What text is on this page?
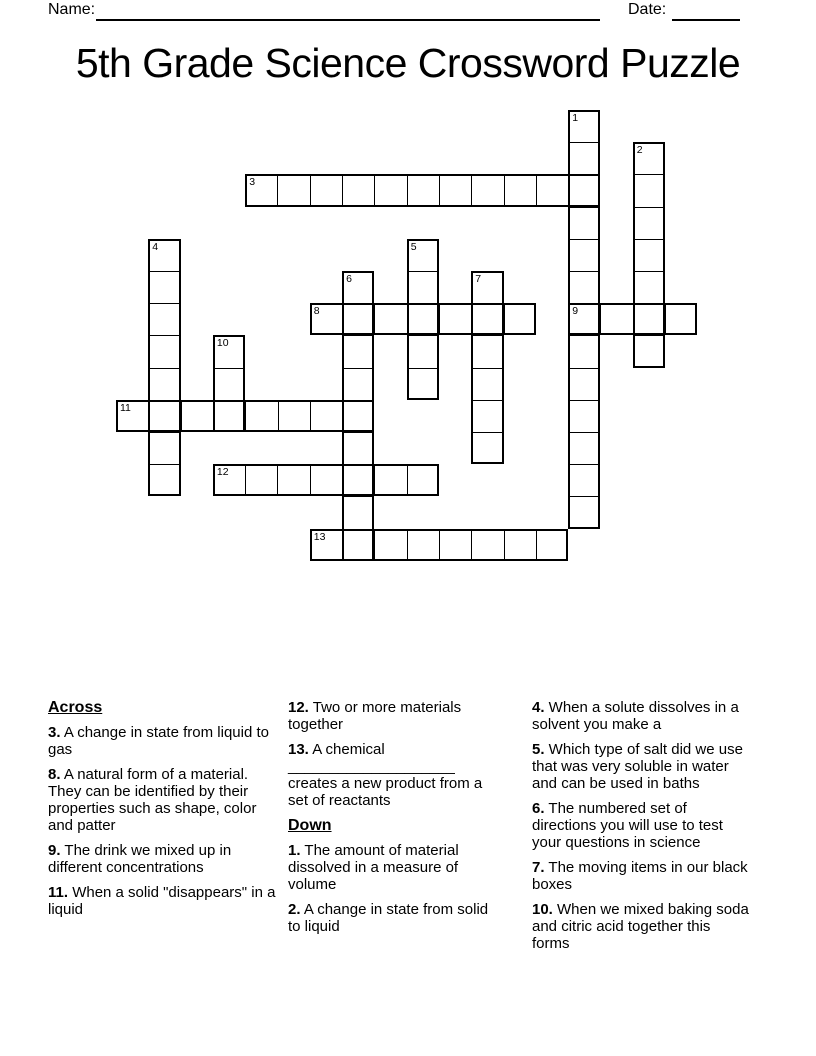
Name:	Date:
5th Grade Science Crossword Puzzle
1
2
3
4	5
6	7
8	9
10
11
12
13
Across

3. A change in state from liquid to gas

8. A natural form of a material. They can be identified by their properties such as shape, color and patter

9. The drink we mixed up in different concentrations

11. When a solid "disappears" in a liquid

12. Two or more materials together

13. A chemical ____________________ creates a new product from a set of reactants

Down

1. The amount of material dissolved in a measure of volume

2. A change in state from solid to liquid

4. When a solute dissolves in a solvent you make a

5. Which type of salt did we use that was very soluble in water and can be used in baths

6. The numbered set of directions you will use to test your questions in science

7. The moving items in our black boxes

10. When we mixed baking soda and citric acid together this forms
